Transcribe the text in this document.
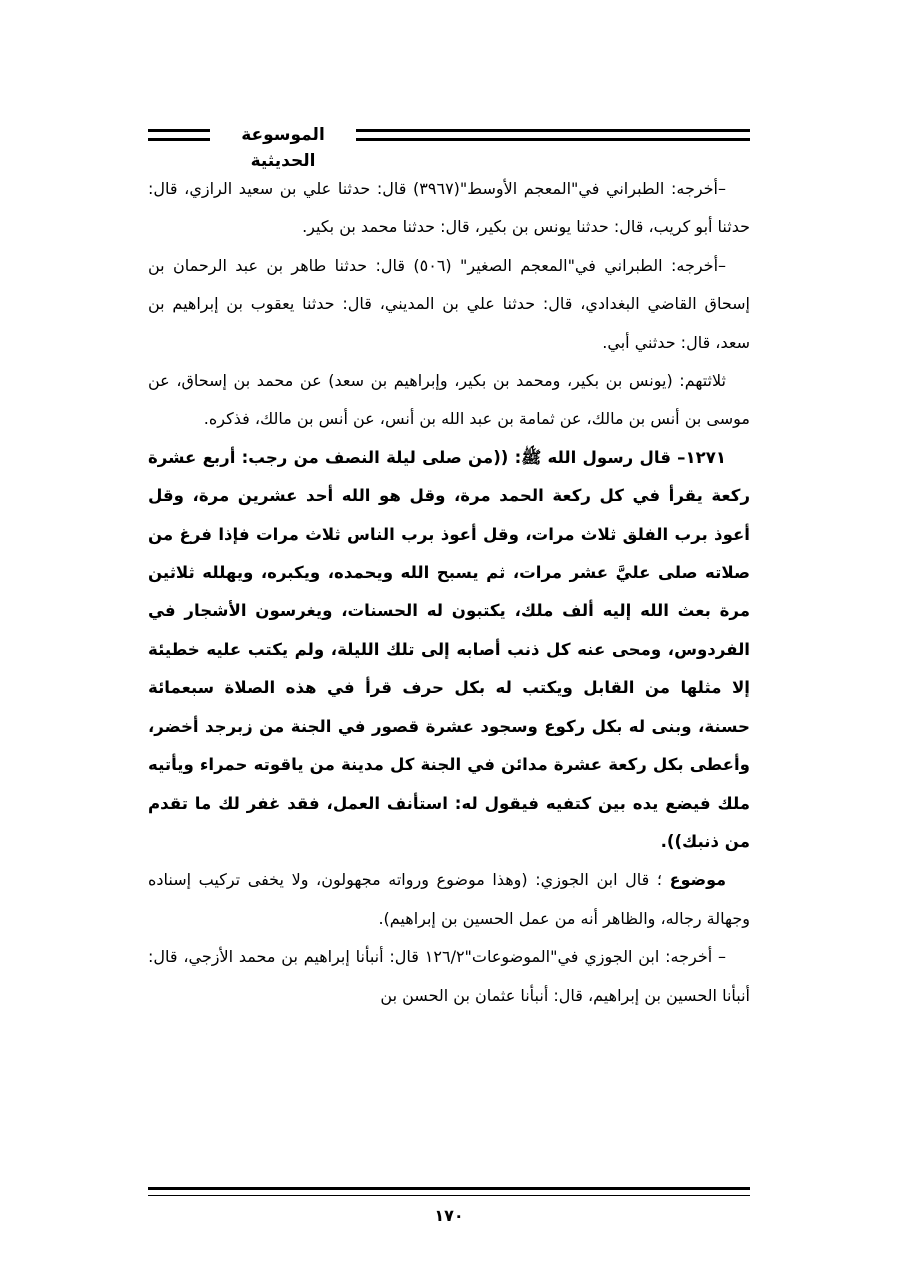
الموسوعة الحديثية

–أخرجه: الطبراني في"المعجم الأوسط"(٣٩٦٧) قال: حدثنا علي بن سعيد الرازي، قال: حدثنا أبو كريب، قال: حدثنا يونس بن بكير، قال: حدثنا محمد بن بكير.

–أخرجه: الطبراني في"المعجم الصغير" (٥٠٦) قال: حدثنا طاهر بن عبد الرحمان بن إسحاق القاضي البغدادي، قال: حدثنا علي بن المديني، قال: حدثنا يعقوب بن إبراهيم بن سعد، قال: حدثني أبي.

ثلاثتهم: (يونس بن بكير، ومحمد بن بكير، وإبراهيم بن سعد) عن محمد بن إسحاق، عن موسى بن أنس بن مالك، عن ثمامة بن عبد الله بن أنس، عن أنس بن مالك، فذكره.

١٢٧١– قال رسول الله ﷺ: ((من صلى ليلة النصف من رجب: أربع عشرة ركعة يقرأ في كل ركعة الحمد مرة، وقل هو الله أحد عشرين مرة، وقل أعوذ برب الفلق ثلاث مرات، وقل أعوذ برب الناس ثلاث مرات فإذا فرغ من صلاته صلى عليَّ عشر مرات، ثم يسبح الله ويحمده، ويكبره، ويهلله ثلاثين مرة بعث الله إليه ألف ملك، يكتبون له الحسنات، ويغرسون الأشجار في الفردوس، ومحى عنه كل ذنب أصابه إلى تلك الليلة، ولم يكتب عليه خطيئة إلا مثلها من القابل ويكتب له بكل حرف قرأ في هذه الصلاة سبعمائة حسنة، وبنى له بكل ركوع وسجود عشرة قصور في الجنة من زبرجد أخضر، وأعطى بكل ركعة عشرة مدائن في الجنة كل مدينة من ياقوته حمراء ويأتيه ملك فيضع يده بين كتفيه فيقول له: استأنف العمل، فقد غفر لك ما تقدم من ذنبك)).

موضوع ؛ قال ابن الجوزي: (وهذا موضوع ورواته مجهولون، ولا يخفى تركيب إسناده وجهالة رجاله، والظاهر أنه من عمل الحسين بن إبراهيم).

– أخرجه: ابن الجوزي في"الموضوعات"١٢٦/٢ قال: أنبأنا إبراهيم بن محمد الأزجي، قال: أنبأنا الحسين بن إبراهيم، قال: أنبأنا عثمان بن الحسن بن

١٧٠
